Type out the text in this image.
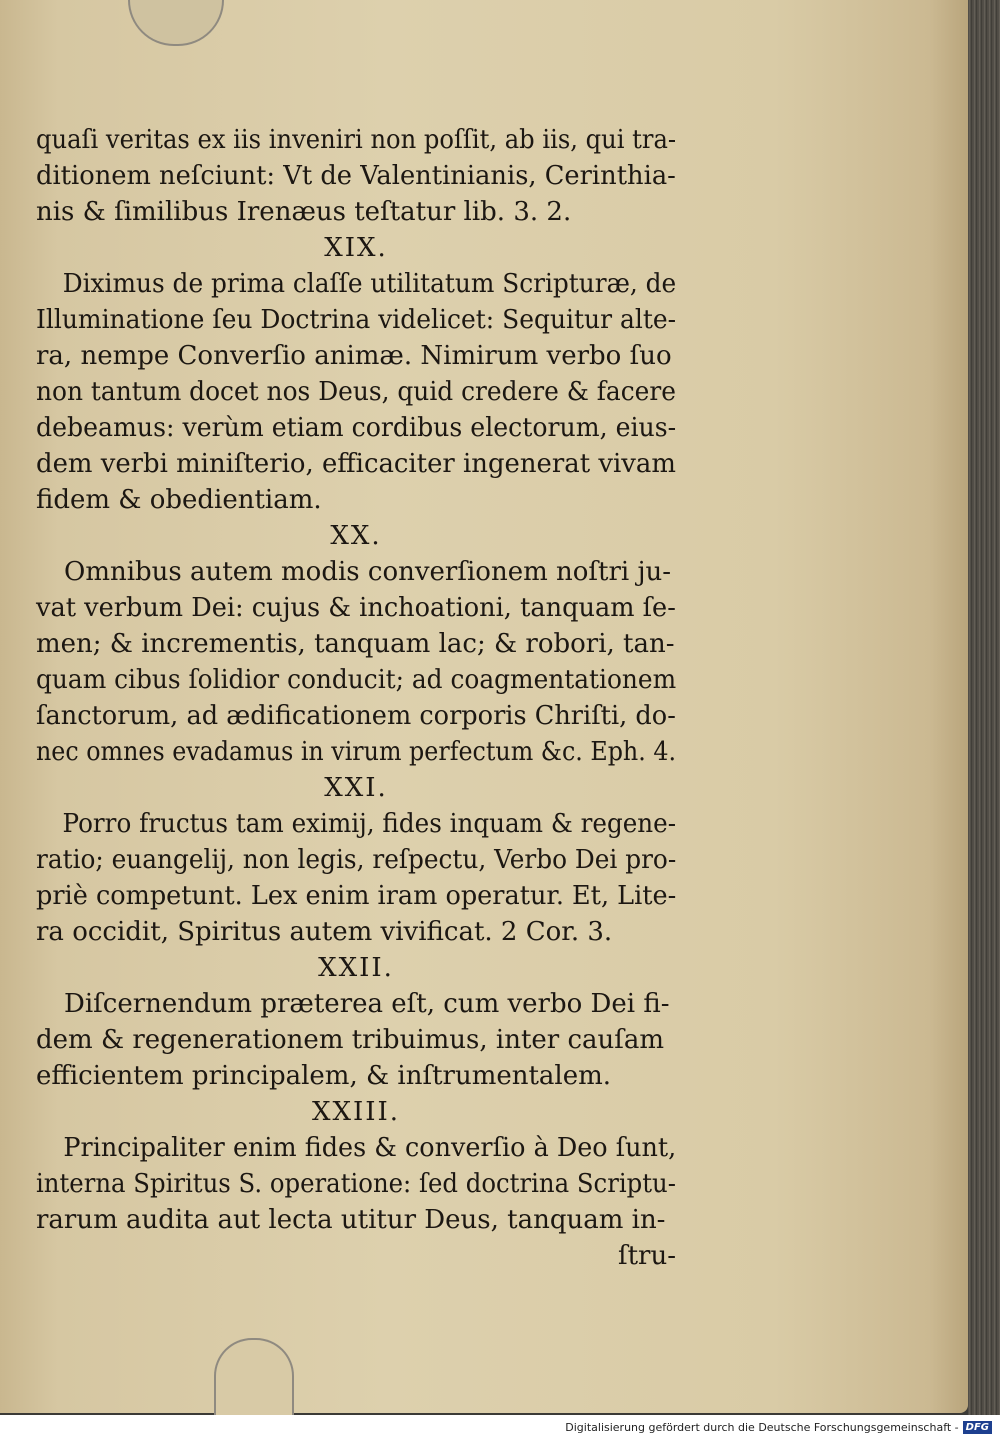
quaſi veritas ex iis inveniri non poſſit, ab iis, qui tra-
ditionem neſciunt: Vt de Valentinianis, Cerinthia-
nis & ſimilibus Irenæus teſtatur lib. 3. 2.
XIX.
Diximus de prima claſſe utilitatum Scripturæ, de
Illuminatione ſeu Doctrina videlicet: Sequitur alte-
ra, nempe Converſio animæ. Nimirum verbo ſuo
non tantum docet nos Deus, quid credere & facere
debeamus: verùm etiam cordibus electorum, eius-
dem verbi miniſterio, efficaciter ingenerat vivam
fidem & obedientiam.
XX.
Omnibus autem modis converſionem noſtri ju-
vat verbum Dei: cujus & inchoationi, tanquam ſe-
men; & incrementis, tanquam lac; & robori, tan-
quam cibus ſolidior conducit; ad coagmentationem
ſanctorum, ad ædificationem corporis Chriſti, do-
nec omnes evadamus in virum perfectum &c. Eph. 4.
XXI.
Porro fructus tam eximij, fides inquam & regene-
ratio; euangelij, non legis, reſpectu, Verbo Dei pro-
priè competunt. Lex enim iram operatur. Et, Lite-
ra occidit, Spiritus autem vivificat. 2 Cor. 3.
XXII.
Diſcernendum præterea eſt, cum verbo Dei fi-
dem & regenerationem tribuimus, inter cauſam
efficientem principalem, & inſtrumentalem.
XXIII.
Principaliter enim fides & converſio à Deo ſunt,
interna Spiritus S. operatione: ſed doctrina Scriptu-
rarum audita aut lecta utitur Deus, tanquam in-
ſtru-
Digitalisierung gefördert durch die Deutsche Forschungsgemeinschaft - DFG
